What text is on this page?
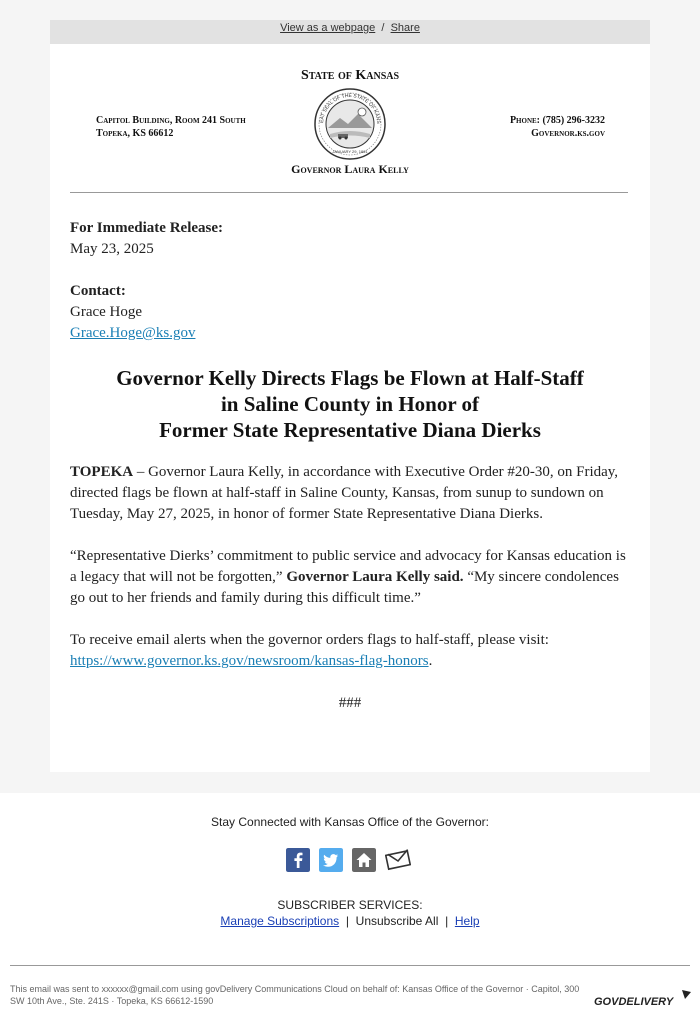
View as a webpage / Share
State of Kansas
Capitol Building, Room 241 South
Topeka, KS 66612
EAT SEAL OF THE STATE OF KANS
JANUARY 29, 1861
Phone: (785) 296-3232
Governor.ks.gov
Governor Laura Kelly

For Immediate Release:

May 23, 2025

Contact:

Grace Hoge

Grace.Hoge@ks.gov

Governor Kelly Directs Flags be Flown at Half-Staff
in Saline County in Honor of
Former State Representative Diana Dierks

TOPEKA – Governor Laura Kelly, in accordance with Executive Order #20-30, on Friday, directed flags be flown at half-staff in Saline County, Kansas, from sunup to sundown on Tuesday, May 27, 2025, in honor of former State Representative Diana Dierks.

“Representative Dierks’ commitment to public service and advocacy for Kansas education is a legacy that will not be forgotten,” Governor Laura Kelly said. “My sincere condolences go out to her friends and family during this difficult time.”

To receive email alerts when the governor orders flags to half-staff, please visit: https://www.governor.ks.gov/newsroom/kansas-flag-honors.

###

Stay Connected with Kansas Office of the Governor:
SUBSCRIBER SERVICES:
Manage Subscriptions | Unsubscribe All | Help
This email was sent to xxxxxx@gmail.com using govDelivery Communications Cloud on behalf of: Kansas Office of the Governor · Capitol, 300 SW 10th Ave., Ste. 241S · Topeka, KS 66612-1590	GOVDELIVERY
